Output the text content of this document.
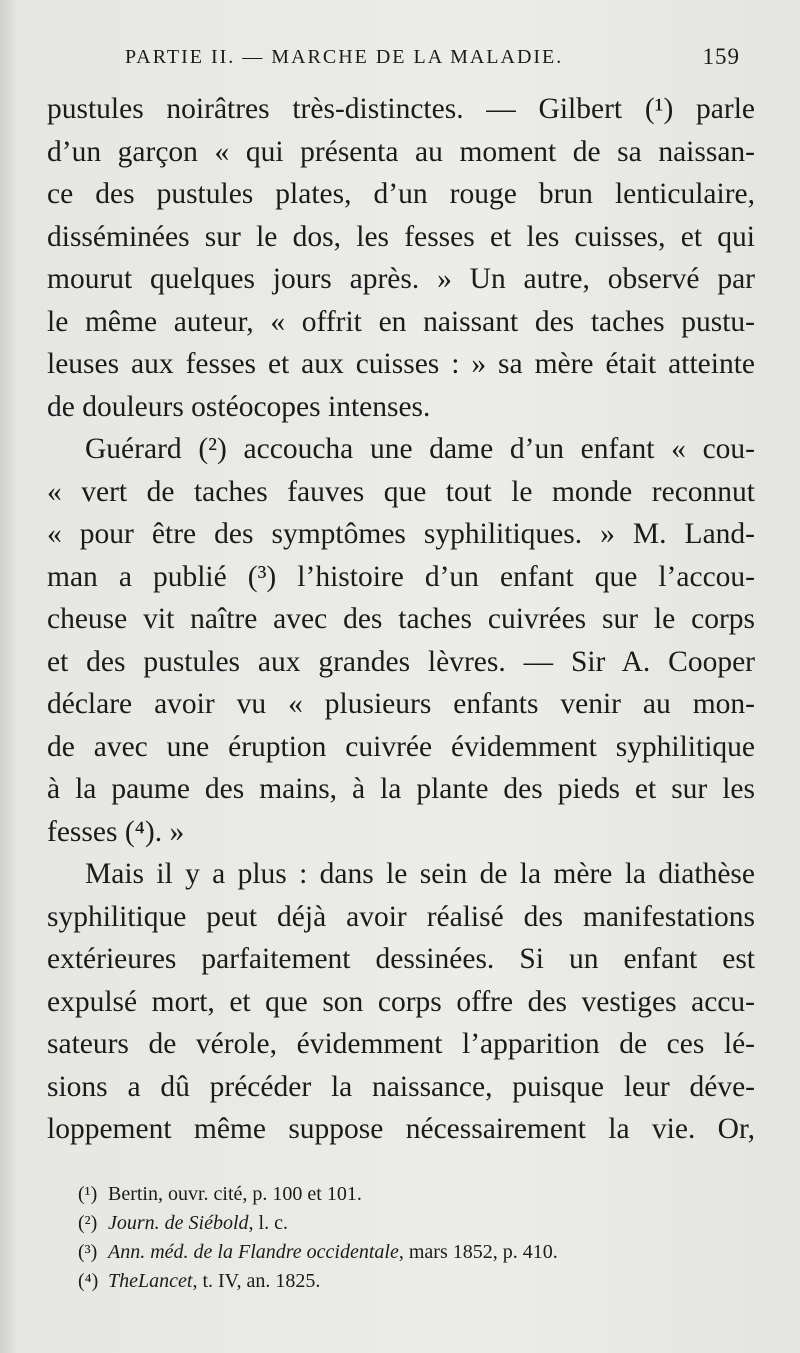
PARTIE II. — MARCHE DE LA MALADIE.	159
pustules noirâtres très-distinctes. — Gilbert (¹) parle
d’un garçon « qui présenta au moment de sa naissan-
ce des pustules plates, d’un rouge brun lenticulaire,
disséminées sur le dos, les fesses et les cuisses, et qui
mourut quelques jours après. » Un autre, observé par
le même auteur, « offrit en naissant des taches pustu-
leuses aux fesses et aux cuisses : » sa mère était atteinte
de douleurs ostéocopes intenses.
Guérard (²) accoucha une dame d’un enfant « cou-
« vert de taches fauves que tout le monde reconnut
« pour être des symptômes syphilitiques. » M. Land-
man a publié (³) l’histoire d’un enfant que l’accou-
cheuse vit naître avec des taches cuivrées sur le corps
et des pustules aux grandes lèvres. — Sir A. Cooper
déclare avoir vu « plusieurs enfants venir au mon-
de avec une éruption cuivrée évidemment syphilitique
à la paume des mains, à la plante des pieds et sur les
fesses (⁴). »
Mais il y a plus : dans le sein de la mère la diathèse
syphilitique peut déjà avoir réalisé des manifestations
extérieures parfaitement dessinées. Si un enfant est
expulsé mort, et que son corps offre des vestiges accu-
sateurs de vérole, évidemment l’apparition de ces lé-
sions a dû précéder la naissance, puisque leur déve-
loppement même suppose nécessairement la vie. Or,
(¹) Bertin, ouvr. cité, p. 100 et 101.
(²) Journ. de Siébold, l. c.
(³) Ann. méd. de la Flandre occidentale, mars 1852, p. 410.
(⁴) TheLancet, t. IV, an. 1825.
